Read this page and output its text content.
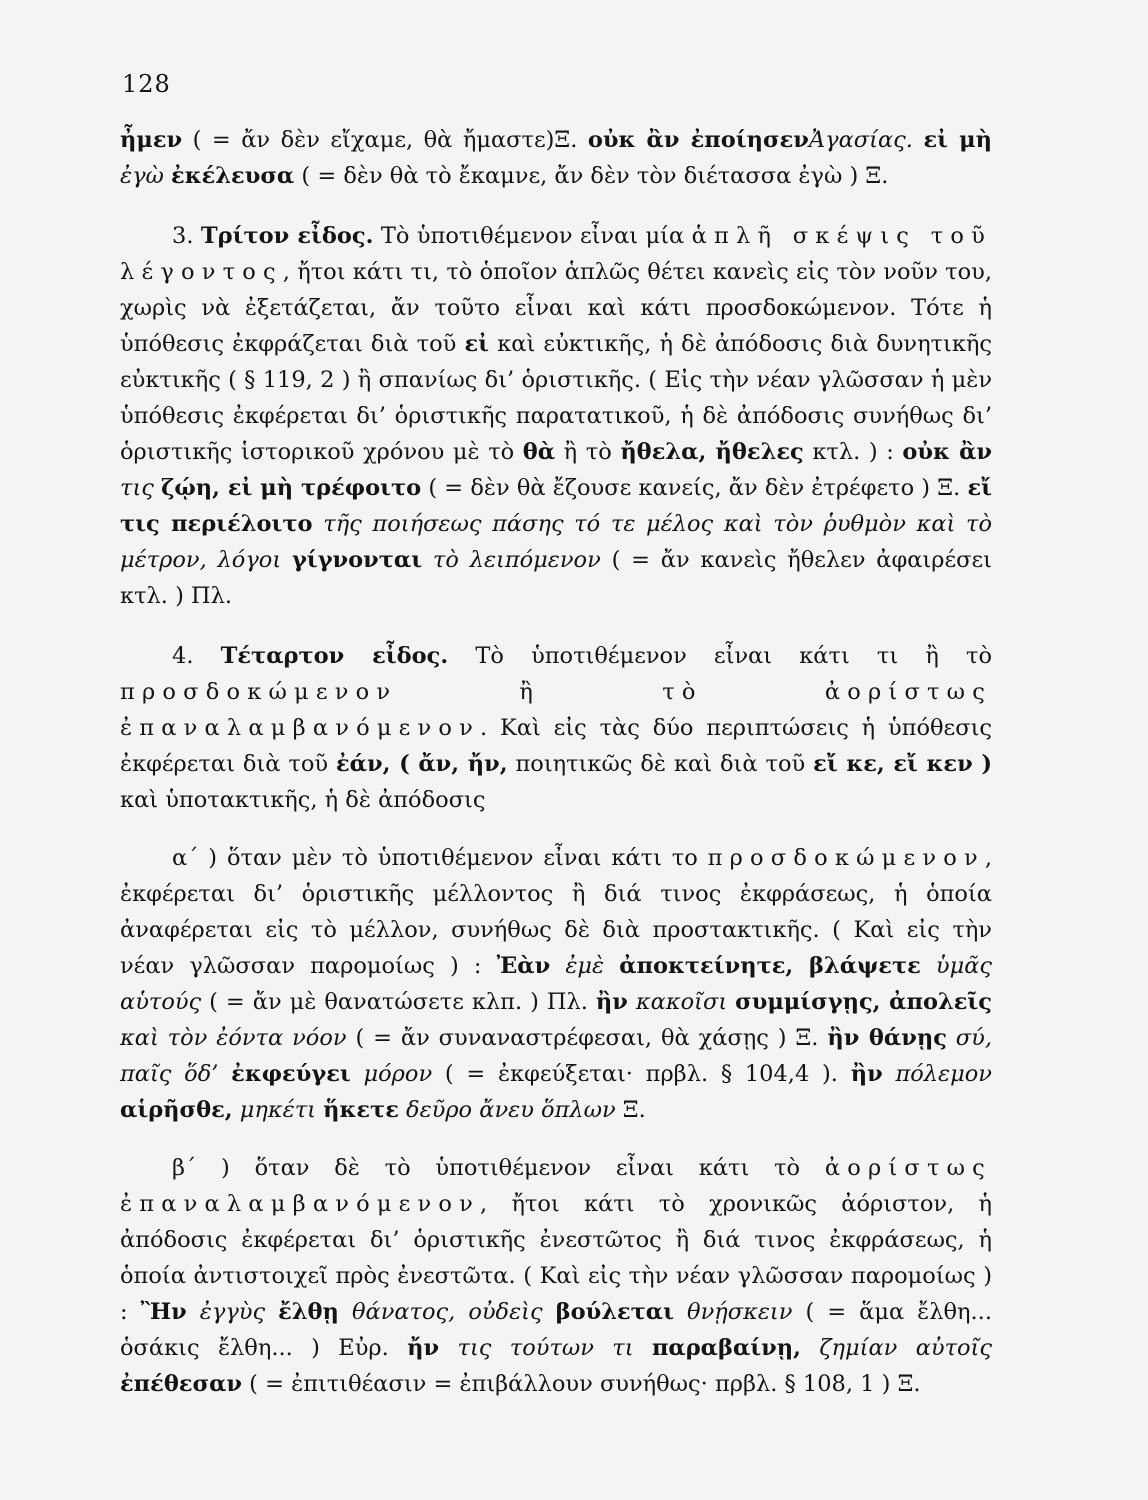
128

ἦμεν ( = ἄν δὲν εἴχαμε, θὰ ἤμαστε)Ξ. οὐκ ἂν ἐποίησενἈγασίας. εἰ μὴ ἐγὼ ἐκέλευσα ( = δὲν θὰ τὸ ἔκαμνε, ἄν δὲν τὸν διέτασσα ἐγὼ ) Ξ.

3. Τρίτον εἶδος. Τὸ ὑποτιθέμενον εἶναι μία ἁπλῆ σκέψις τοῦ λέγοντος, ἤτοι κάτι τι, τὸ ὁποῖον ἁπλῶς θέτει κανεὶς εἰς τὸν νοῦν του, χωρὶς νὰ ἐξετάζεται, ἄν τοῦτο εἶναι καὶ κάτι προσδοκώμενον. Τότε ἡ ὑπόθεσις ἐκφράζεται διὰ τοῦ εἰ καὶ εὐκτικῆς, ἡ δὲ ἀπόδοσις διὰ δυνητικῆς εὐκτικῆς ( § 119, 2 ) ἢ σπανίως δι’ ὁριστικῆς. ( Εἰς τὴν νέαν γλῶσσαν ἡ μὲν ὑπόθεσις ἐκφέρεται δι’ ὁριστικῆς παρατατικοῦ, ἡ δὲ ἀπόδοσις συνήθως δι’ ὁριστικῆς ἱστορικοῦ χρόνου μὲ τὸ θὰ ἢ τὸ ἤθελα, ἤθελες κτλ. ) : οὐκ ἂν τις ζῴη, εἰ μὴ τρέφοιτο ( = δὲν θὰ ἔζουσε κανείς, ἄν δὲν ἐτρέφετο ) Ξ. εἴ τις περιέλοιτο τῆς ποιήσεως πάσης τό τε μέλος καὶ τὸν ῥυθμὸν καὶ τὸ μέτρον, λόγοι γίγνονται τὸ λειπόμενον ( = ἄν κανεὶς ἤθελεν ἀφαιρέσει κτλ. ) Πλ.

4. Τέταρτον εἶδος. Τὸ ὑποτιθέμενον εἶναι κάτι τι ἢ τὸ προσδοκώμενον ἢ τὸ ἀορίστως ἐπαναλαμβανόμενον. Καὶ εἰς τὰς δύο περιπτώσεις ἡ ὑπόθεσις ἐκφέρεται διὰ τοῦ ἐάν, ( ἄν, ἤν, ποιητικῶς δὲ καὶ διὰ τοῦ εἴ κε, εἴ κεν ) καὶ ὑποτακτικῆς, ἡ δὲ ἀπόδοσις

α΄ ) ὅταν μὲν τὸ ὑποτιθέμενον εἶναι κάτι το προσδοκώμενον, ἐκφέρεται δι’ ὁριστικῆς μέλλοντος ἢ διά τινος ἐκφράσεως, ἡ ὁποία ἀναφέρεται εἰς τὸ μέλλον, συνήθως δὲ διὰ προστακτικῆς. ( Καὶ εἰς τὴν νέαν γλῶσσαν παρομοίως ) : Ἐὰν ἐμὲ ἀποκτείνητε, βλάψετε ὑμᾶς αὑτούς ( = ἄν μὲ θανατώσετε κλπ. ) Πλ. ἢν κακοῖσι συμμίσγῃς, ἀπολεῖς καὶ τὸν ἐόντα νόον ( = ἄν συναναστρέφεσαι, θὰ χάσῃς ) Ξ. ἢν θάνῃς σύ, παῖς ὅδ’ ἐκφεύγει μόρον ( = ἐκφεύξεται· πρβλ. § 104,4 ). ἢν πόλεμον αἱρῆσθε, μηκέτι ἥκετε δεῦρο ἄνευ ὅπλων Ξ.

β΄ ) ὅταν δὲ τὸ ὑποτιθέμενον εἶναι κάτι τὸ ἀορίστως ἐπαναλαμβανόμενον, ἤτοι κάτι τὸ χρονικῶς ἀόριστον, ἡ ἀπόδοσις ἐκφέρεται δι’ ὁριστικῆς ἐνεστῶτος ἢ διά τινος ἐκφράσεως, ἡ ὁποία ἀντιστοιχεῖ πρὸς ἐνεστῶτα. ( Καὶ εἰς τὴν νέαν γλῶσσαν παρομοίως ) : Ἢν ἐγγὺς ἔλθῃ θάνατος, οὐδεὶς βούλεται θνῄσκειν ( = ἅμα ἔλθη... ὁσάκις ἔλθη... ) Εὐρ. ἤν τις τούτων τι παραβαίνῃ, ζημίαν αὐτοῖς ἐπέθεσαν ( = ἐπιτιθέασιν = ἐπιβάλλουν συνήθως· πρβλ. § 108, 1 ) Ξ.
